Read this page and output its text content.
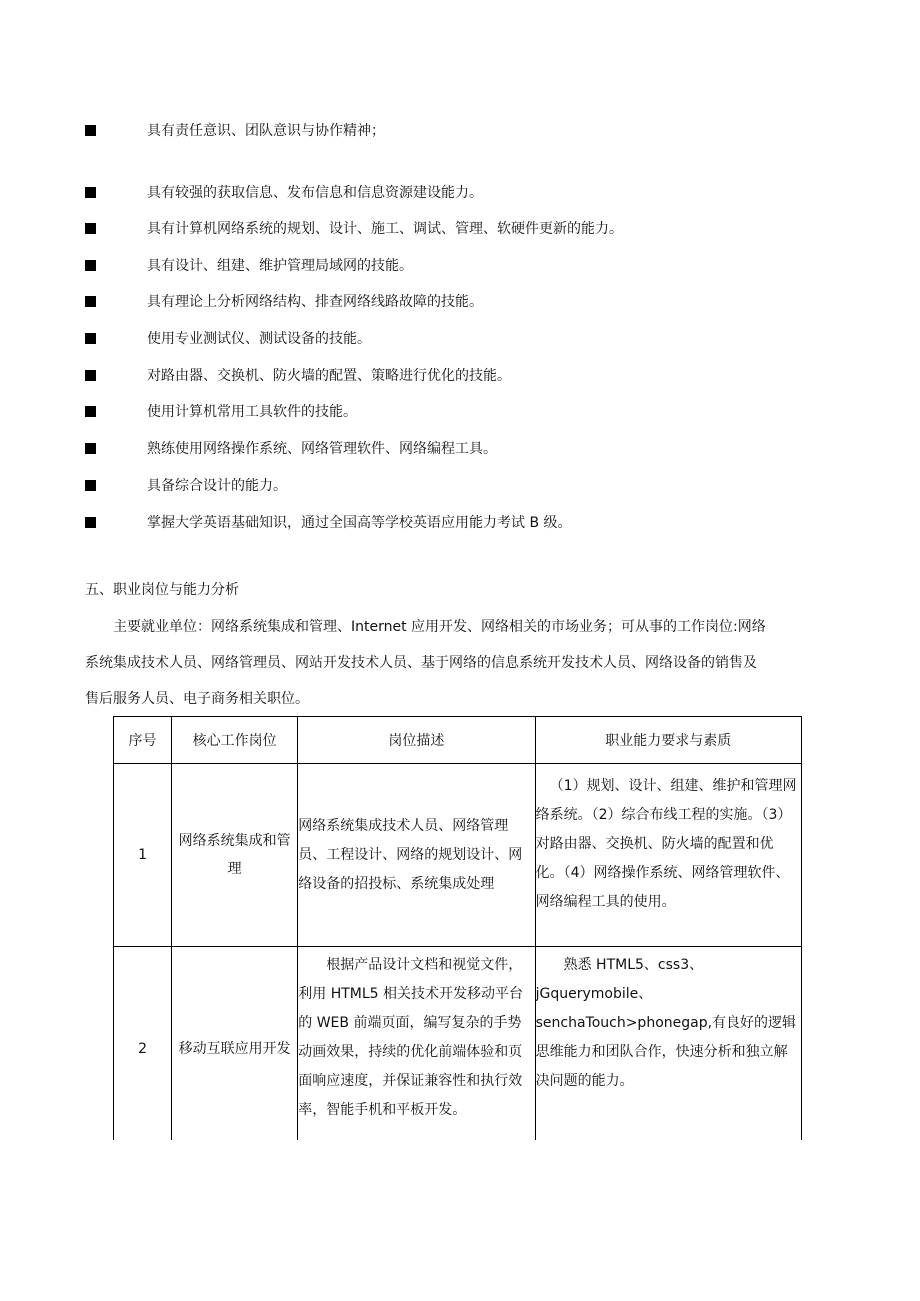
具有责任意识、团队意识与协作精神；
具有较强的获取信息、发布信息和信息资源建设能力。
具有计算机网络系统的规划、设计、施工、调试、管理、软硬件更新的能力。
具有设计、组建、维护管理局域网的技能。
具有理论上分析网络结构、排查网络线路故障的技能。
使用专业测试仪、测试设备的技能。
对路由器、交换机、防火墙的配置、策略进行优化的技能。
使用计算机常用工具软件的技能。
熟练使用网络操作系统、网络管理软件、网络编程工具。
具备综合设计的能力。
掌握大学英语基础知识，通过全国高等学校英语应用能力考试 B 级。
五、职业岗位与能力分析
主要就业单位：网络系统集成和管理、Internet 应用开发、网络相关的市场业务；可从事的工作岗位:网络
系统集成技术人员、网络管理员、网站开发技术人员、基于网络的信息系统开发技术人员、网络设备的销售及
售后服务人员、电子商务相关职位。
序号	核心工作岗位	岗位描述	职业能力要求与素质
1	网络系统集成和管理	网络系统集成技术人员、网络管理员、工程设计、网络的规划设计、网络设备的招投标、系统集成处理	（1）规划、设计、组建、维护和管理网络系统。（2）综合布线工程的实施。（3）对路由器、交换机、防火墙的配置和优化。（4）网络操作系统、网络管理软件、网络编程工具的使用。
2	移动互联应用开发	根据产品设计文档和视觉文件，利用 HTML5 相关技术开发移动平台的 WEB 前端页面，编写复杂的手势动画效果，持续的优化前端体验和页面响应速度，并保证兼容性和执行效率，智能手机和平板开发。	熟悉 HTML5、css3、jGquerymobile、senchaTouch>phonegap,有良好的逻辑思维能力和团队合作，快速分析和独立解决问题的能力。
